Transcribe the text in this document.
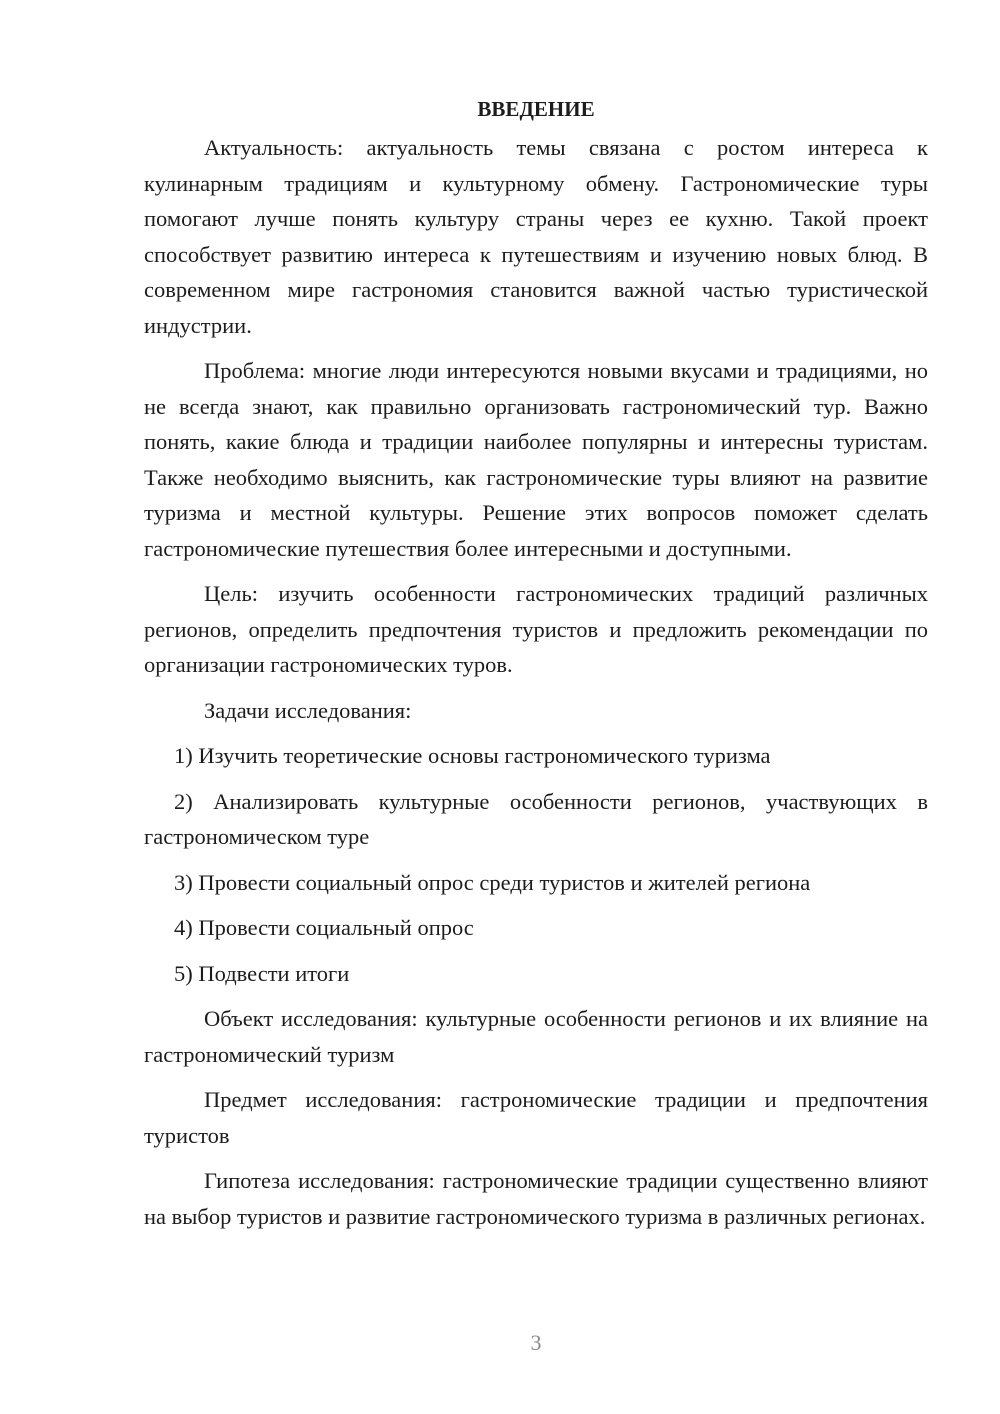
ВВЕДЕНИЕ

Актуальность: актуальность темы связана с ростом интереса к кулинарным традициям и культурному обмену. Гастрономические туры помогают лучше понять культуру страны через ее кухню. Такой проект способствует развитию интереса к путешествиям и изучению новых блюд. В современном мире гастрономия становится важной частью туристической индустрии.

Проблема: многие люди интересуются новыми вкусами и традициями, но не всегда знают, как правильно организовать гастрономический тур. Важно понять, какие блюда и традиции наиболее популярны и интересны туристам. Также необходимо выяснить, как гастрономические туры влияют на развитие туризма и местной культуры. Решение этих вопросов поможет сделать гастрономические путешествия более интересными и доступными.

Цель: изучить особенности гастрономических традиций различных регионов, определить предпочтения туристов и предложить рекомендации по организации гастрономических туров.

Задачи исследования:

1) Изучить теоретические основы гастрономического туризма

2) Анализировать культурные особенности регионов, участвующих в гастрономическом туре

3) Провести социальный опрос среди туристов и жителей региона

4) Провести социальный опрос

5) Подвести итоги

Объект исследования: культурные особенности регионов и их влияние на гастрономический туризм

Предмет исследования: гастрономические традиции и предпочтения туристов

Гипотеза исследования: гастрономические традиции существенно влияют на выбор туристов и развитие гастрономического туризма в различных регионах.

3
